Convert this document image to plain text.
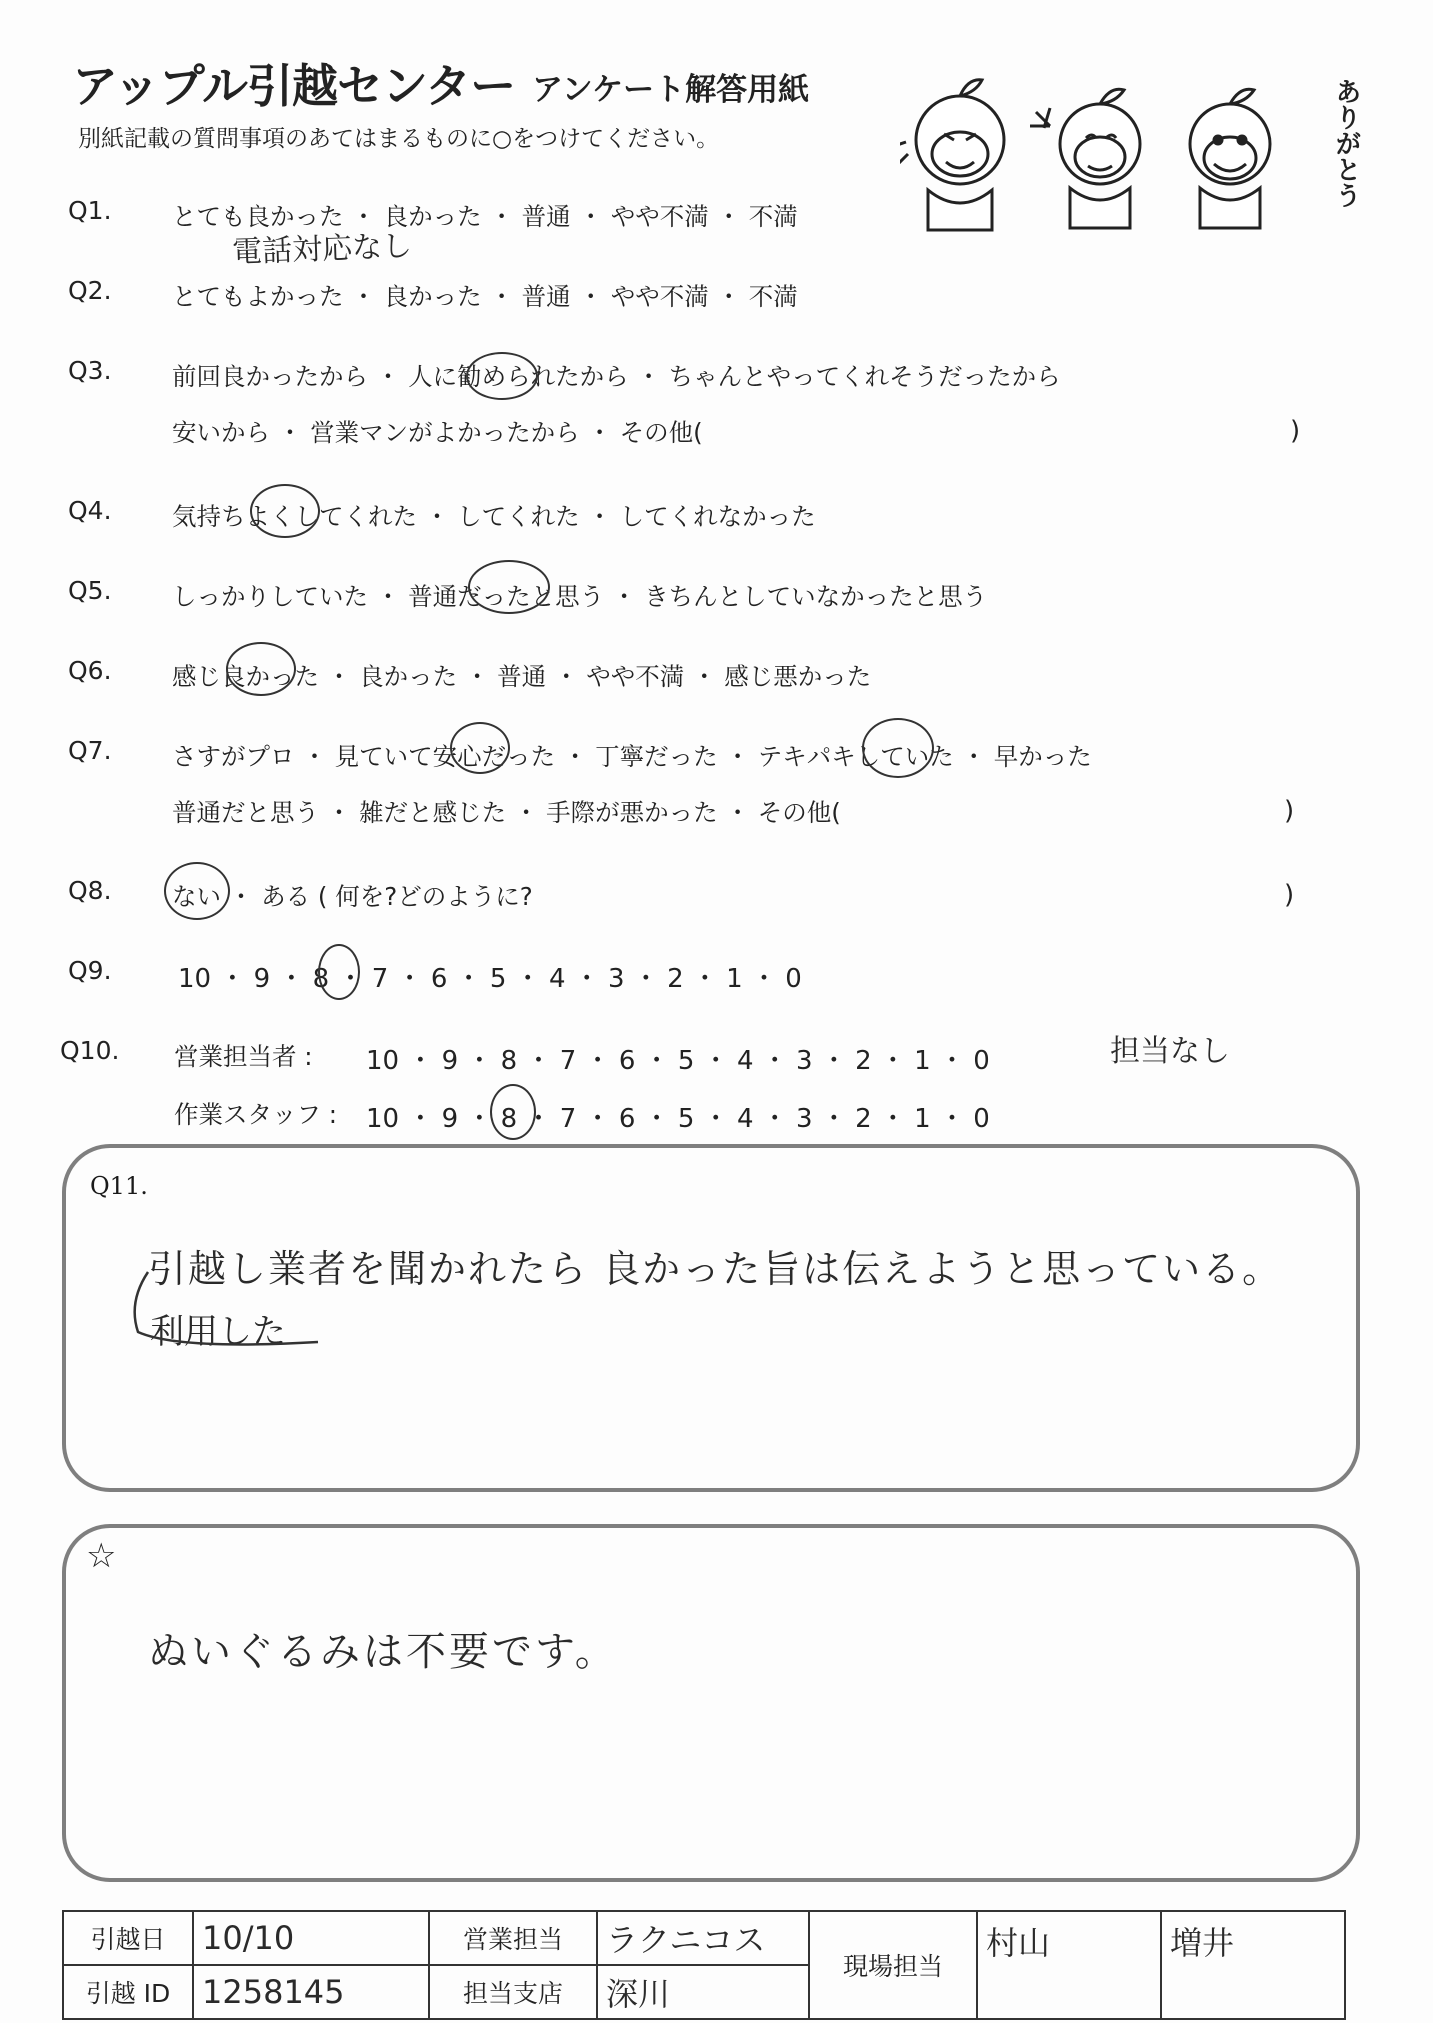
アップル引越センター アンケート解答用紙
別紙記載の質問事項のあてはまるものに○をつけてください。	ありがとう
Q1. とても良かった ・ 良かった ・ 普通 ・ やや不満 ・ 不満
電話対応なし
Q2. とてもよかった ・ 良かった ・ 普通 ・ やや不満 ・ 不満
Q3. 前回良かったから ・ 人に勧められたから ・ ちゃんとやってくれそうだったから
安いから ・ 営業マンがよかったから ・ その他(	)
Q4. 気持ちよくしてくれた ・ してくれた ・ してくれなかった
Q5. しっかりしていた ・ 普通だったと思う ・ きちんとしていなかったと思う
Q6. 感じ良かった ・ 良かった ・ 普通 ・ やや不満 ・ 感じ悪かった
Q7. さすがプロ ・ 見ていて安心だった ・ 丁寧だった ・ テキパキしていた ・ 早かった
普通だと思う ・ 雑だと感じた ・ 手際が悪かった ・ その他(	)
Q8. ない ・ ある ( 何を?どのように?	)
Q9.	10 ・ 9 ・ 8 ・ 7 ・ 6 ・ 5 ・ 4 ・ 3 ・ 2 ・ 1 ・ 0
Q10. 営業担当者 : 10 ・ 9 ・ 8 ・ 7 ・ 6 ・ 5 ・ 4 ・ 3 ・ 2 ・ 1 ・ 0	担当なし
作業スタッフ : 10 ・ 9 ・ 8 ・ 7 ・ 6 ・ 5 ・ 4 ・ 3 ・ 2 ・ 1 ・ 0
Q11.
引越し業者を聞かれたら 良かった旨は伝えようと思っている。
利用した
☆
ぬいぐるみは不要です。
引越日	10/10	営業担当	ラクニコス	現場担当	村山	増井
引越 ID	1258145	担当支店	深川			
